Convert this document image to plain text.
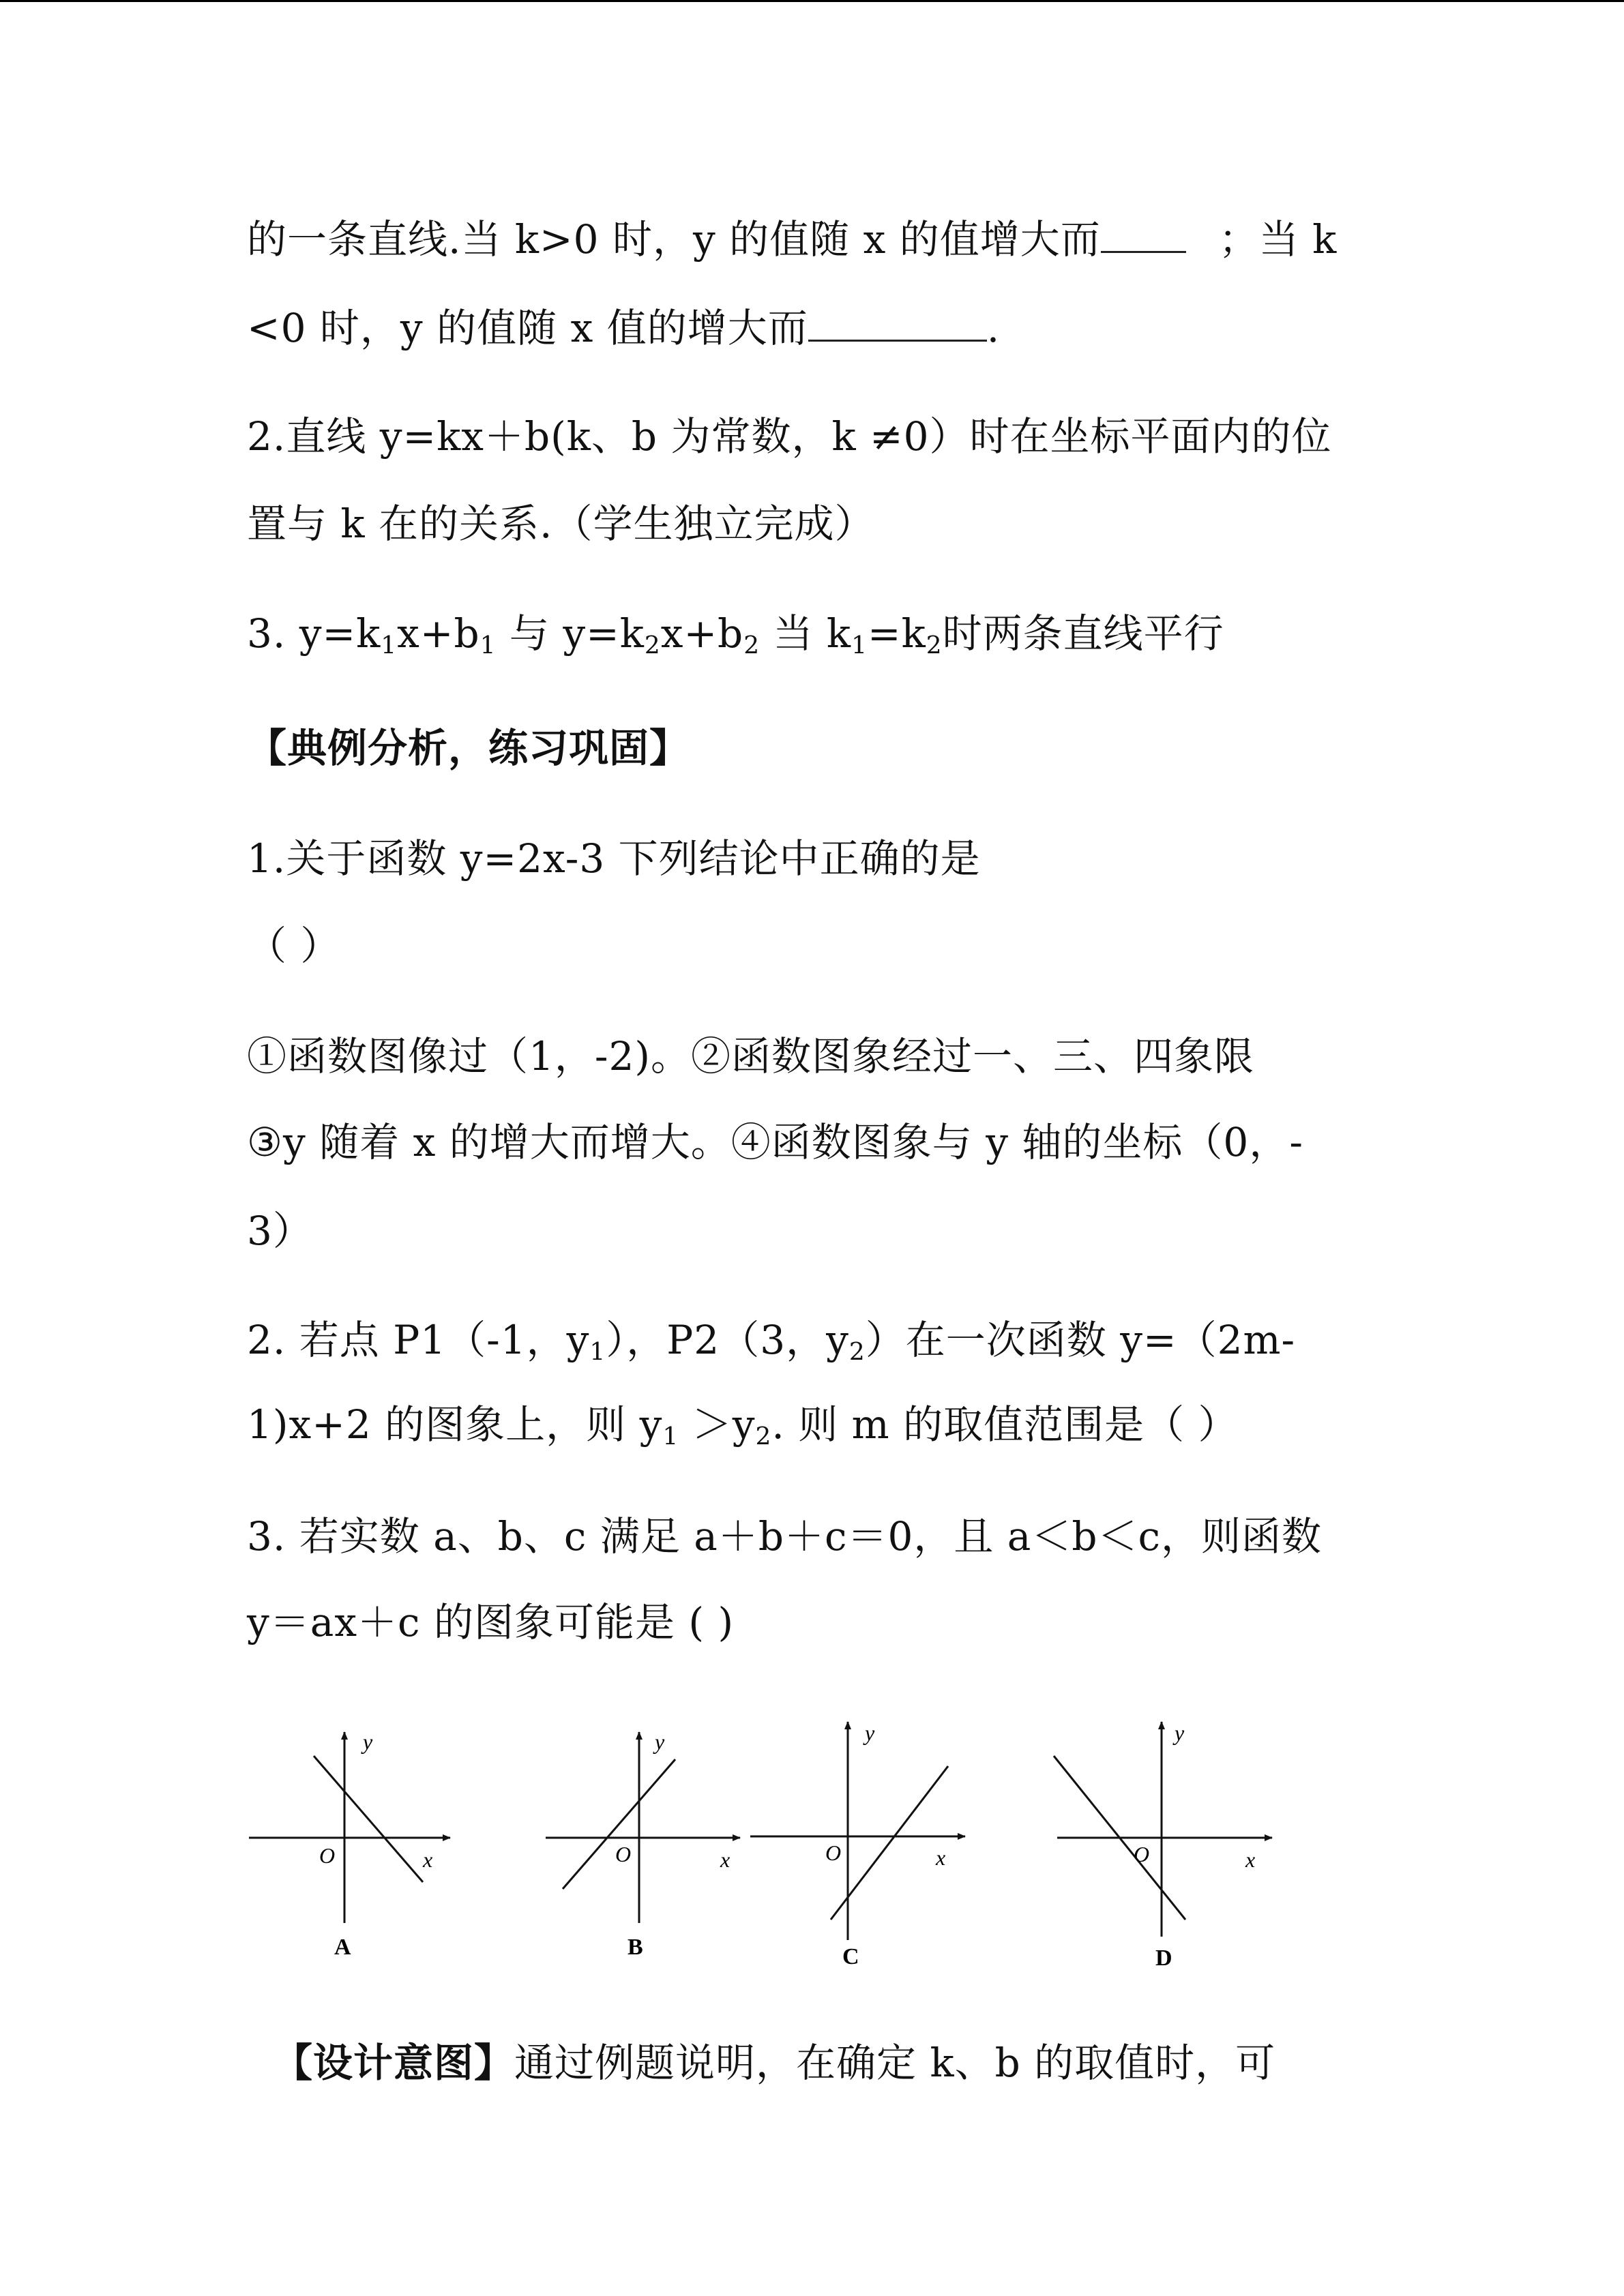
的一条直线.当 k>0 时，y 的值随 x 的值增大而	；当 k
<0 时，y 的值随 x 值的增大而	.
2.直线 y=kx＋b(k、b 为常数，k ≠0）时在坐标平面内的位
置与 k 在的关系.（学生独立完成）
3. $y=k_1x+b_1$ 与 $y=k_2x+b_2$ 当 $k_1=k_2$时两条直线平行
【典例分析，练习巩固】
1.关于函数 y=2x-3 下列结论中正确的是
（ ）
①函数图像过（1，-2)。②函数图象经过一、三、四象限
③y 随着 x 的增大而增大。④函数图象与 y 轴的坐标（0，-
3）
2. 若点 P1（-1，$y_1$），P2（3，$y_2$）在一次函数 y=（2m-
1)x+2 的图象上，则 $y_1 >y_2$. 则 m 的取值范围是（ ）
3. 若实数 a、b、c 满足 a＋b＋c＝0，且 a＜b＜c，则函数
y＝ax＋c 的图象可能是 ( )
y
O	x
A
y
O	x
B
y
O	x
C
y
O	x
D
【设计意图】通过例题说明，在确定 k、b 的取值时，可
